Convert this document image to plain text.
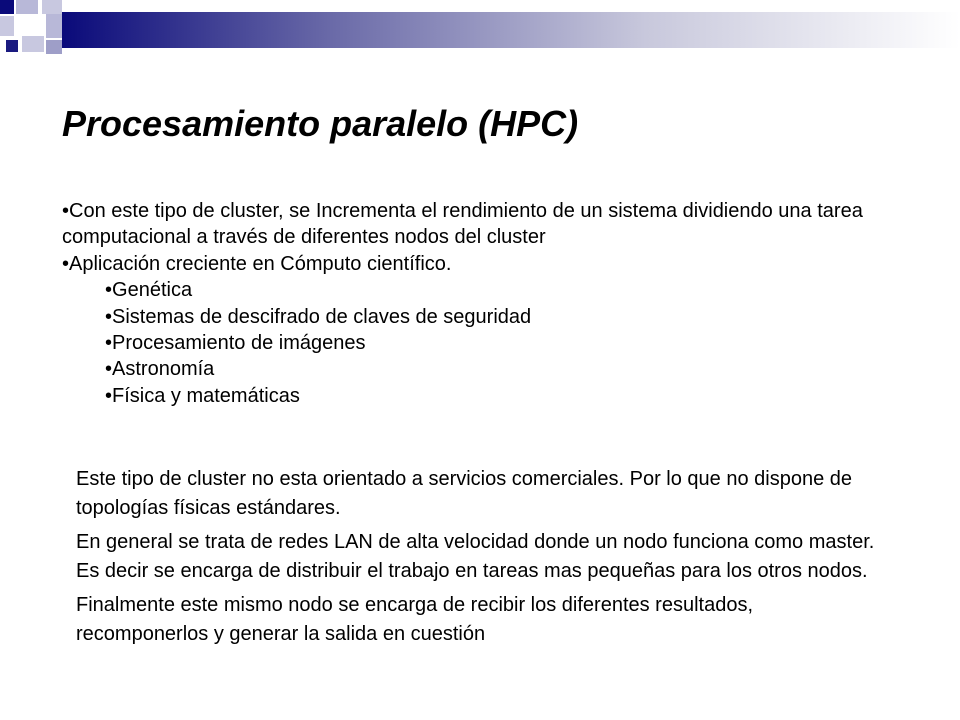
Procesamiento paralelo (HPC)

•Con este tipo de cluster, se Incrementa el rendimiento de un sistema dividiendo una tarea computacional a través de diferentes nodos del cluster

•Aplicación creciente en Cómputo científico.

•Genética

•Sistemas de descifrado de claves de seguridad

•Procesamiento de imágenes

•Astronomía

•Física y matemáticas

Este tipo de cluster no esta orientado a servicios comerciales. Por lo que no dispone de topologías físicas estándares.

En general se trata de redes LAN de alta velocidad donde un nodo funciona como master. Es decir se encarga de distribuir el trabajo en tareas mas pequeñas para los otros nodos.

Finalmente este mismo nodo se encarga de recibir los diferentes resultados, recomponerlos y generar la salida en cuestión
